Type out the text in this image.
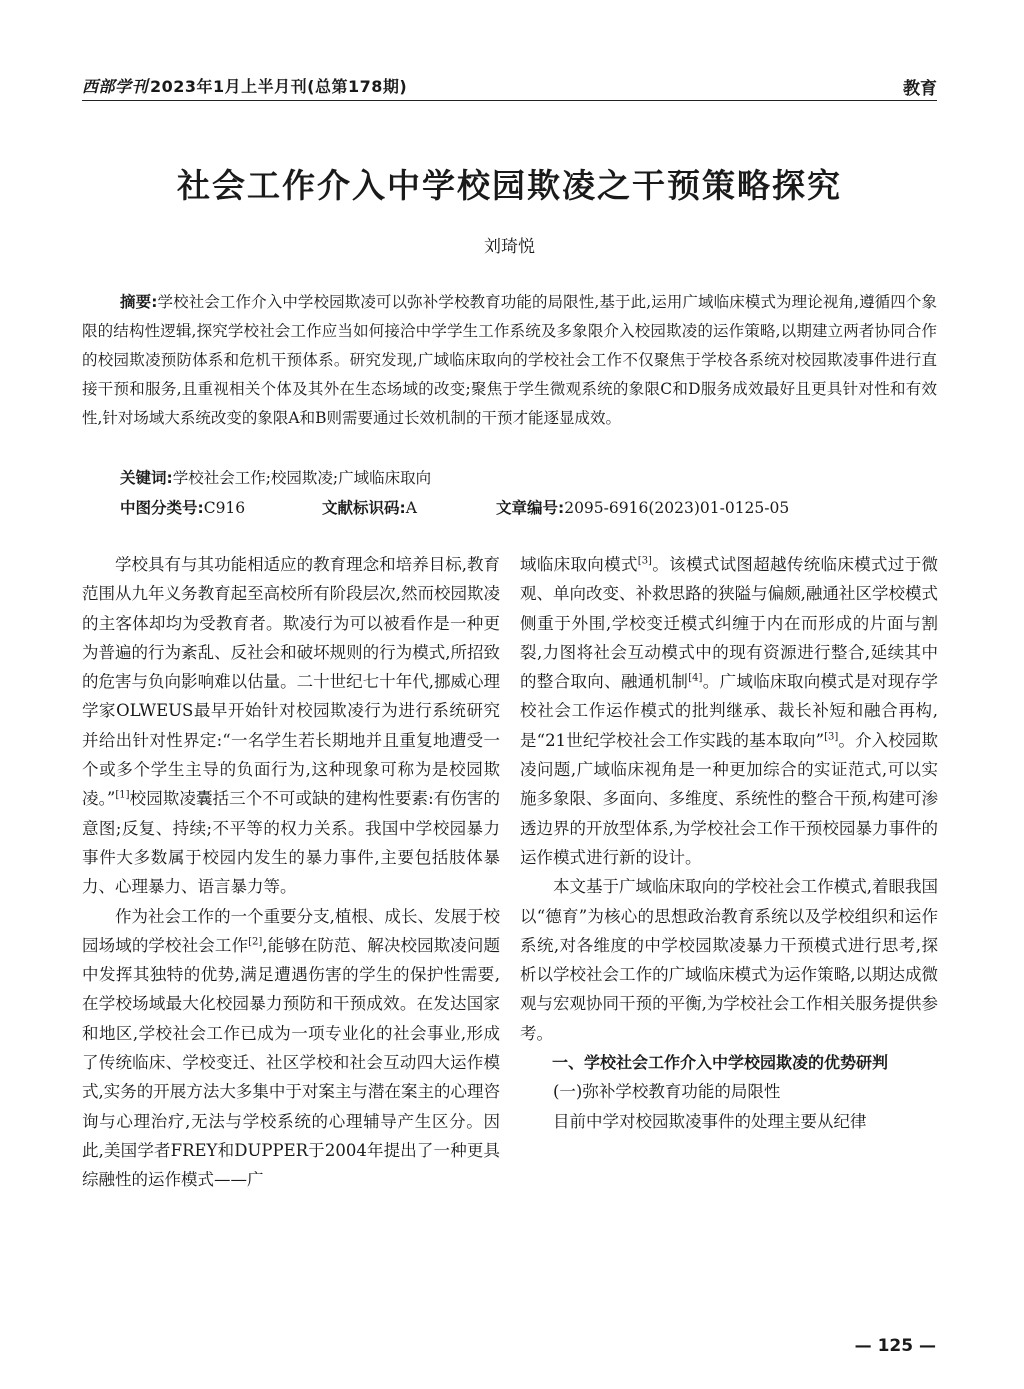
西部学刊 2023年1月上半月刊(总第178期)	教育
社会工作介入中学校园欺凌之干预策略探究
刘琦悦

摘要:学校社会工作介入中学校园欺凌可以弥补学校教育功能的局限性,基于此,运用广域临床模式为理论视角,遵循四个象限的结构性逻辑,探究学校社会工作应当如何接洽中学学生工作系统及多象限介入校园欺凌的运作策略,以期建立两者协同合作的校园欺凌预防体系和危机干预体系。研究发现,广域临床取向的学校社会工作不仅聚焦于学校各系统对校园欺凌事件进行直接干预和服务,且重视相关个体及其外在生态场域的改变;聚焦于学生微观系统的象限C和D服务成效最好且更具针对性和有效性,针对场域大系统改变的象限A和B则需要通过长效机制的干预才能逐显成效。

关键词:学校社会工作;校园欺凌;广域临床取向
中图分类号:C916	文献标识码:A	文章编号:2095-6916(2023)01-0125-05

学校具有与其功能相适应的教育理念和培养目标,教育范围从九年义务教育起至高校所有阶段层次,然而校园欺凌的主客体却均为受教育者。欺凌行为可以被看作是一种更为普遍的行为紊乱、反社会和破坏规则的行为模式,所招致的危害与负向影响难以估量。二十世纪七十年代,挪威心理学家OLWEUS最早开始针对校园欺凌行为进行系统研究并给出针对性界定:“一名学生若长期地并且重复地遭受一个或多个学生主导的负面行为,这种现象可称为是校园欺凌。”[1]校园欺凌囊括三个不可或缺的建构性要素:有伤害的意图;反复、持续;不平等的权力关系。我国中学校园暴力事件大多数属于校园内发生的暴力事件,主要包括肢体暴力、心理暴力、语言暴力等。

作为社会工作的一个重要分支,植根、成长、发展于校园场域的学校社会工作[2],能够在防范、解决校园欺凌问题中发挥其独特的优势,满足遭遇伤害的学生的保护性需要,在学校场域最大化校园暴力预防和干预成效。在发达国家和地区,学校社会工作已成为一项专业化的社会事业,形成了传统临床、学校变迁、社区学校和社会互动四大运作模式,实务的开展方法大多集中于对案主与潜在案主的心理咨询与心理治疗,无法与学校系统的心理辅导产生区分。因此,美国学者FREY和DUPPER于2004年提出了一种更具综融性的运作模式——广

域临床取向模式[3]。该模式试图超越传统临床模式过于微观、单向改变、补救思路的狭隘与偏颇,融通社区学校模式侧重于外围,学校变迁模式纠缠于内在而形成的片面与割裂,力图将社会互动模式中的现有资源进行整合,延续其中的整合取向、融通机制[4]。广域临床取向模式是对现存学校社会工作运作模式的批判继承、裁长补短和融合再构,是“21世纪学校社会工作实践的基本取向”[3]。介入校园欺凌问题,广域临床视角是一种更加综合的实证范式,可以实施多象限、多面向、多维度、系统性的整合干预,构建可渗透边界的开放型体系,为学校社会工作干预校园暴力事件的运作模式进行新的设计。

本文基于广域临床取向的学校社会工作模式,着眼我国以“德育”为核心的思想政治教育系统以及学校组织和运作系统,对各维度的中学校园欺凌暴力干预模式进行思考,探析以学校社会工作的广域临床模式为运作策略,以期达成微观与宏观协同干预的平衡,为学校社会工作相关服务提供参考。

一、学校社会工作介入中学校园欺凌的优势研判

(一)弥补学校教育功能的局限性

目前中学对校园欺凌事件的处理主要从纪律

— 125 —
